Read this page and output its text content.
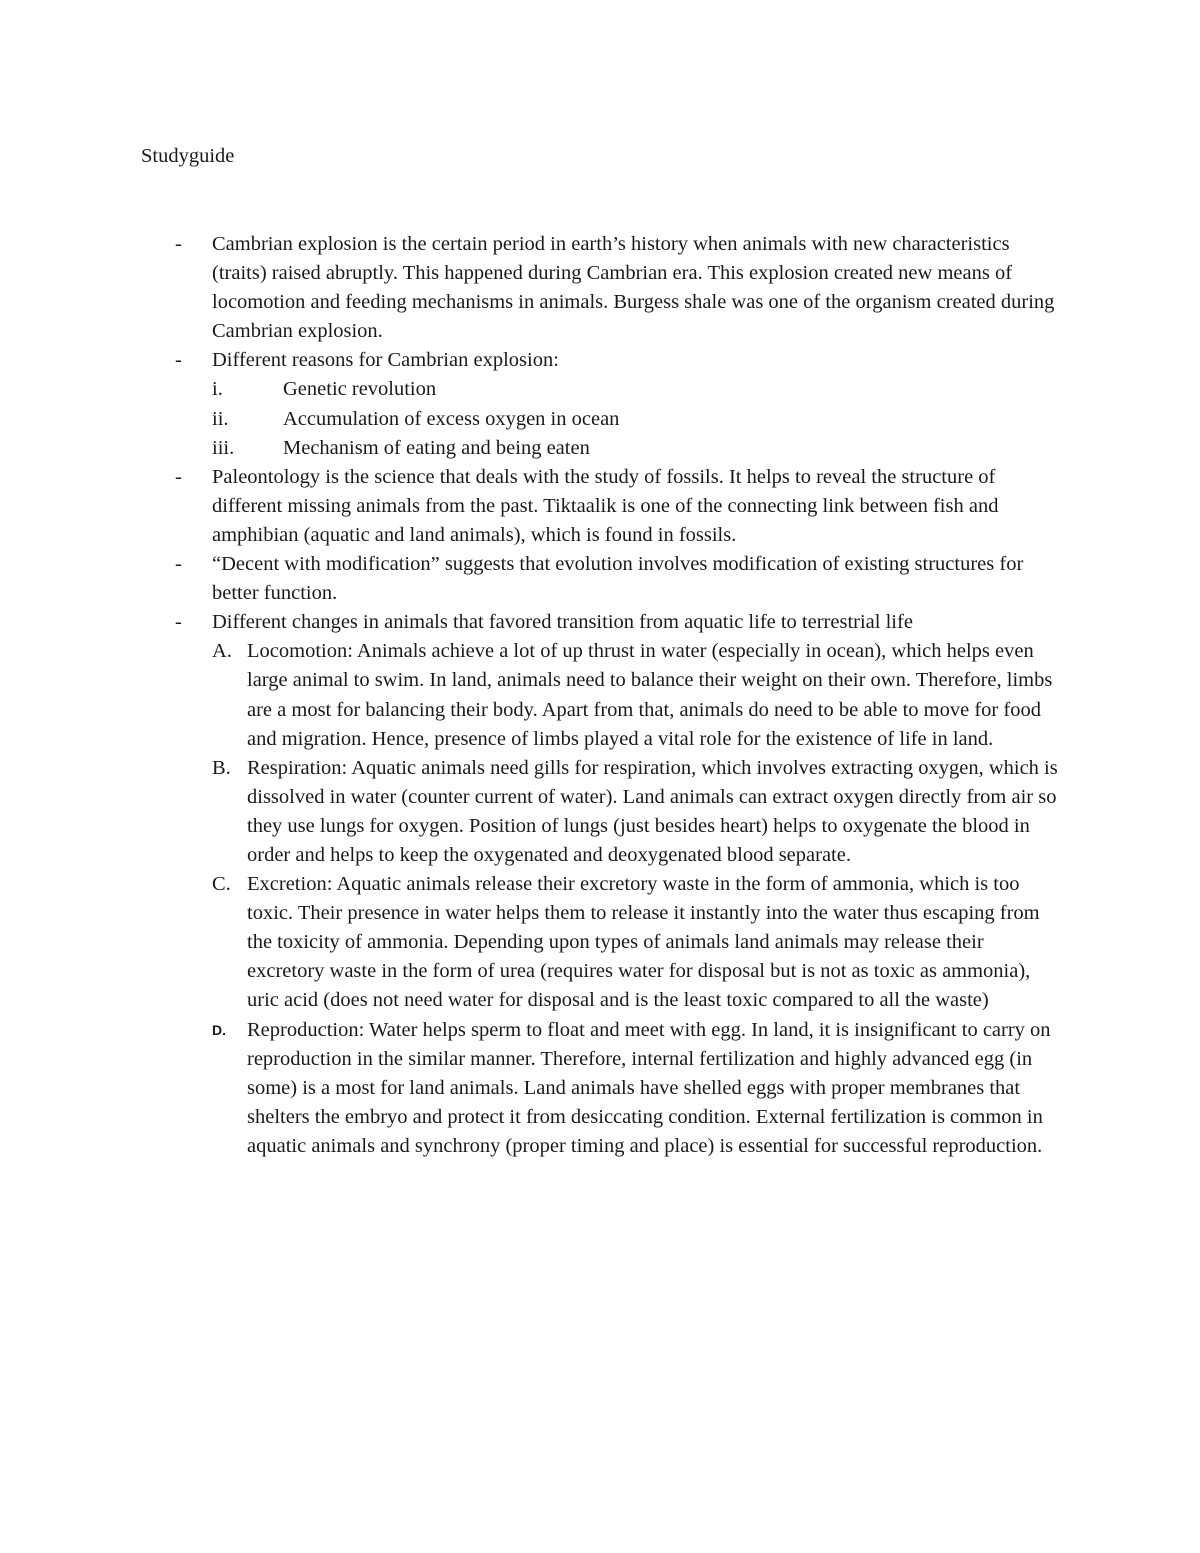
Studyguide

- Cambrian explosion is the certain period in earth’s history when animals with new characteristics (traits) raised abruptly. This happened during Cambrian era. This explosion created new means of locomotion and feeding mechanisms in animals. Burgess shale was one of the organism created during Cambrian explosion.

- Different reasons for Cambrian explosion:

i.	Genetic revolution

ii.	Accumulation of excess oxygen in ocean

iii. Mechanism of eating and being eaten

- Paleontology is the science that deals with the study of fossils. It helps to reveal the structure of different missing animals from the past. Tiktaalik is one of the connecting link between fish and amphibian (aquatic and land animals), which is found in fossils.

- “Decent with modification” suggests that evolution involves modification of existing structures for better function.

- Different changes in animals that favored transition from aquatic life to terrestrial life

A. Locomotion: Animals achieve a lot of up thrust in water (especially in ocean), which helps even large animal to swim. In land, animals need to balance their weight on their own. Therefore, limbs are a most for balancing their body. Apart from that, animals do need to be able to move for food and migration. Hence, presence of limbs played a vital role for the existence of life in land.

B. Respiration: Aquatic animals need gills for respiration, which involves extracting oxygen, which is dissolved in water (counter current of water). Land animals can extract oxygen directly from air so they use lungs for oxygen. Position of lungs (just besides heart) helps to oxygenate the blood in order and helps to keep the oxygenated and deoxygenated blood separate.

C. Excretion: Aquatic animals release their excretory waste in the form of ammonia, which is too toxic. Their presence in water helps them to release it instantly into the water thus escaping from the toxicity of ammonia. Depending upon types of animals land animals may release their excretory waste in the form of urea (requires water for disposal but is not as toxic as ammonia), uric acid (does not need water for disposal and is the least toxic compared to all the waste)

D. Reproduction: Water helps sperm to float and meet with egg. In land, it is insignificant to carry on reproduction in the similar manner. Therefore, internal fertilization and highly advanced egg (in some) is a most for land animals. Land animals have shelled eggs with proper membranes that shelters the embryo and protect it from desiccating condition. External fertilization is common in aquatic animals and synchrony (proper timing and place) is essential for successful reproduction.
